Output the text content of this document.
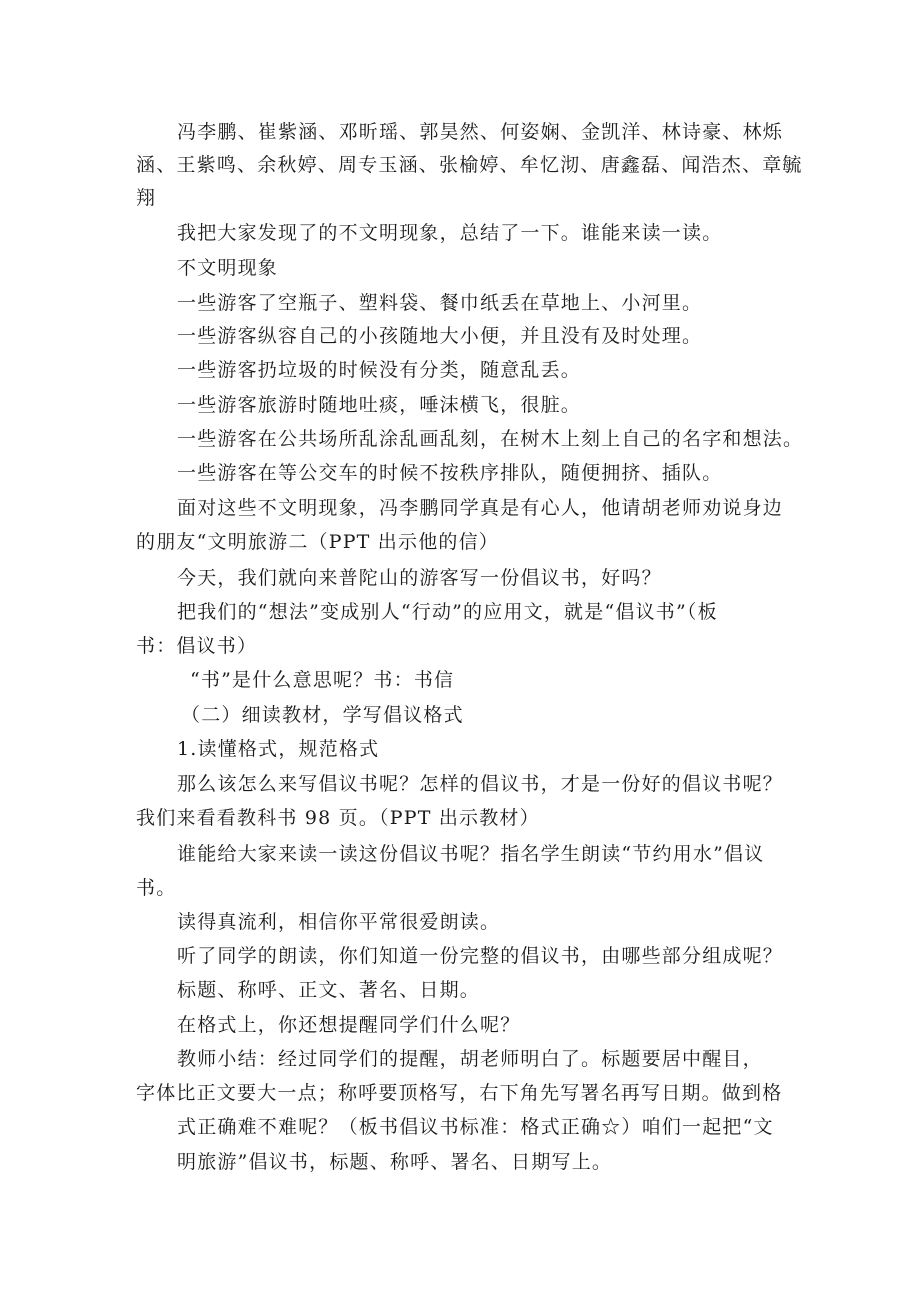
冯李鹏、崔紫涵、邓昕瑶、郭昊然、何姿娴、金凯洋、林诗豪、林烁
涵、王紫鸣、余秋婷、周专玉涵、张榆婷、牟忆沏、唐鑫磊、闻浩杰、章毓
翔
我把大家发现了的不文明现象，总结了一下。谁能来读一读。
不文明现象
一些游客了空瓶子、塑料袋、餐巾纸丢在草地上、小河里。
一些游客纵容自己的小孩随地大小便，并且没有及时处理。
一些游客扔垃圾的时候没有分类，随意乱丢。
一些游客旅游时随地吐痰，唾沫横飞，很脏。
一些游客在公共场所乱涂乱画乱刻，在树木上刻上自己的名字和想法。
一些游客在等公交车的时候不按秩序排队，随便拥挤、插队。
面对这些不文明现象，冯李鹏同学真是有心人，他请胡老师劝说身边
的朋友“文明旅游二（PPT 出示他的信）
今天，我们就向来普陀山的游客写一份倡议书，好吗？
把我们的“想法”变成别人“行动”的应用文，就是“倡议书”（板
书：倡议书）
“书”是什么意思呢？书：书信
（二）细读教材，学写倡议格式
1.读懂格式，规范格式
那么该怎么来写倡议书呢？怎样的倡议书，才是一份好的倡议书呢？
我们来看看教科书 98 页。（PPT 出示教材）
谁能给大家来读一读这份倡议书呢？指名学生朗读“节约用水”倡议
书。
读得真流利，相信你平常很爱朗读。
听了同学的朗读，你们知道一份完整的倡议书，由哪些部分组成呢？
标题、称呼、正文、著名、日期。
在格式上，你还想提醒同学们什么呢？
教师小结：经过同学们的提醒，胡老师明白了。标题要居中醒目，
字体比正文要大一点；称呼要顶格写，右下角先写署名再写日期。做到格
式正确难不难呢？（板书倡议书标准：格式正确☆）咱们一起把“文
明旅游”倡议书，标题、称呼、署名、日期写上。
